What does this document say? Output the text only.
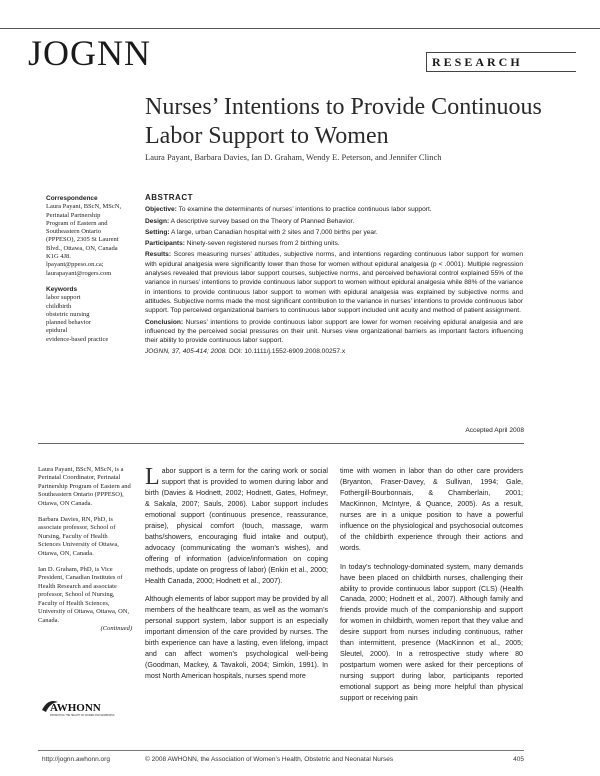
JOGNN	RESEARCH
Nurses’ Intentions to Provide Continuous Labor Support to Women
Laura Payant, Barbara Davies, Ian D. Graham, Wendy E. Peterson, and Jennifer Clinch
Correspondence
Laura Payant, BScN, MScN,
Perinatal Partnership
Program of Eastern and
Southeastern Ontario
(PPPESO), 2305 St Laurent
Blvd., Ottawa, ON, Canada
K1G 4J8.
lpayant@ppeso.on.ca;
laurapayant@rogers.com
Keywords
labor support
childbirth
obstetric nursing
planned behavior
epidural
evidence-based practice
ABSTRACT

Objective: To examine the determinants of nurses’ intentions to practice continuous labor support.

Design: A descriptive survey based on the Theory of Planned Behavior.

Setting: A large, urban Canadian hospital with 2 sites and 7,000 births per year.

Participants: Ninety-seven registered nurses from 2 birthing units.

Results: Scores measuring nurses’ attitudes, subjective norms, and intentions regarding continuous labor support for women with epidural analgesia were significantly lower than those for women without epidural analgesia (p < .0001). Multiple regression analyses revealed that previous labor support courses, subjective norms, and perceived behavioral control explained 55% of the variance in nurses’ intentions to provide continuous labor support to women without epidural analgesia while 88% of the variance in intentions to provide continuous labor support to women with epidural analgesia was explained by subjective norms and attitudes. Subjective norms made the most significant contribution to the variance in nurses’ intentions to provide continuous labor support. Top perceived organizational barriers to continuous labor support included unit acuity and method of patient assignment.

Conclusion: Nurses’ intentions to provide continuous labor support are lower for women receiving epidural analgesia and are influenced by the perceived social pressures on their unit. Nurses view organizational barriers as important factors influencing their ability to provide continuous labor support.

JOGNN, 37, 405-414; 2008. DOI: 10.1111/j.1552-6909.2008.00257.x
Accepted April 2008
Laura Payant, BScN, MScN, is a Perinatal Coordinator, Perinatal Partnership Program of Eastern and Southeastern Ontario (PPPESO), Ottawa, ON Canada.
Barbara Davies, RN, PhD, is associate professor, School of Nursing, Faculty of Health Sciences University of Ottawa, Ottawa, ON, Canada.
Ian D. Graham, PhD, is Vice President, Canadian Institutes of Health Research and associate professor, School of Nursing, Faculty of Health Sciences, University of Ottawa, Ottawa, ON, Canada.
(Continued)
AWHONN
PROMOTING THE HEALTH OF WOMEN AND NEWBORNS

Labor support is a term for the caring work or social support that is provided to women during labor and birth (Davies & Hodnett, 2002; Hodnett, Gates, Hofmeyr, & Sakala, 2007; Sauls, 2006). Labor support includes emotional support (continuous presence, reassurance, praise), physical comfort (touch, massage, warm baths/showers, encouraging fluid intake and output), advocacy (communicating the woman’s wishes), and offering of information (advice/information on coping methods, update on progress of labor) (Enkin et al., 2000; Health Canada, 2000; Hodnett et al., 2007).

Although elements of labor support may be provided by all members of the healthcare team, as well as the woman’s personal support system, labor support is an especially important dimension of the care provided by nurses. The birth experience can have a lasting, even lifelong, impact and can affect women’s psychological well-being (Goodman, Mackey, & Tavakoli, 2004; Simkin, 1991). In most North American hospitals, nurses spend more

time with women in labor than do other care providers (Bryanton, Fraser-Davey, & Sullivan, 1994; Gale, Fothergill-Bourbonnais, & Chamberlain, 2001; MacKinnon, McIntyre, & Quance, 2005). As a result, nurses are in a unique position to have a powerful influence on the physiological and psychosocial outcomes of the childbirth experience through their actions and words.

In today’s technology-dominated system, many demands have been placed on childbirth nurses, challenging their ability to provide continuous labor support (CLS) (Health Canada, 2000; Hodnett et al., 2007). Although family and friends provide much of the companionship and support for women in childbirth, women report that they value and desire support from nurses including continuous, rather than intermittent, presence (MacKinnon et al., 2005; Sleutel, 2000). In a retrospective study where 80 postpartum women were asked for their perceptions of nursing support during labor, participants reported emotional support as being more helpful than physical support or receiving pain

http://jognn.awhonn.org	© 2008 AWHONN, the Association of Women’s Health, Obstetric and Neonatal Nurses	405
